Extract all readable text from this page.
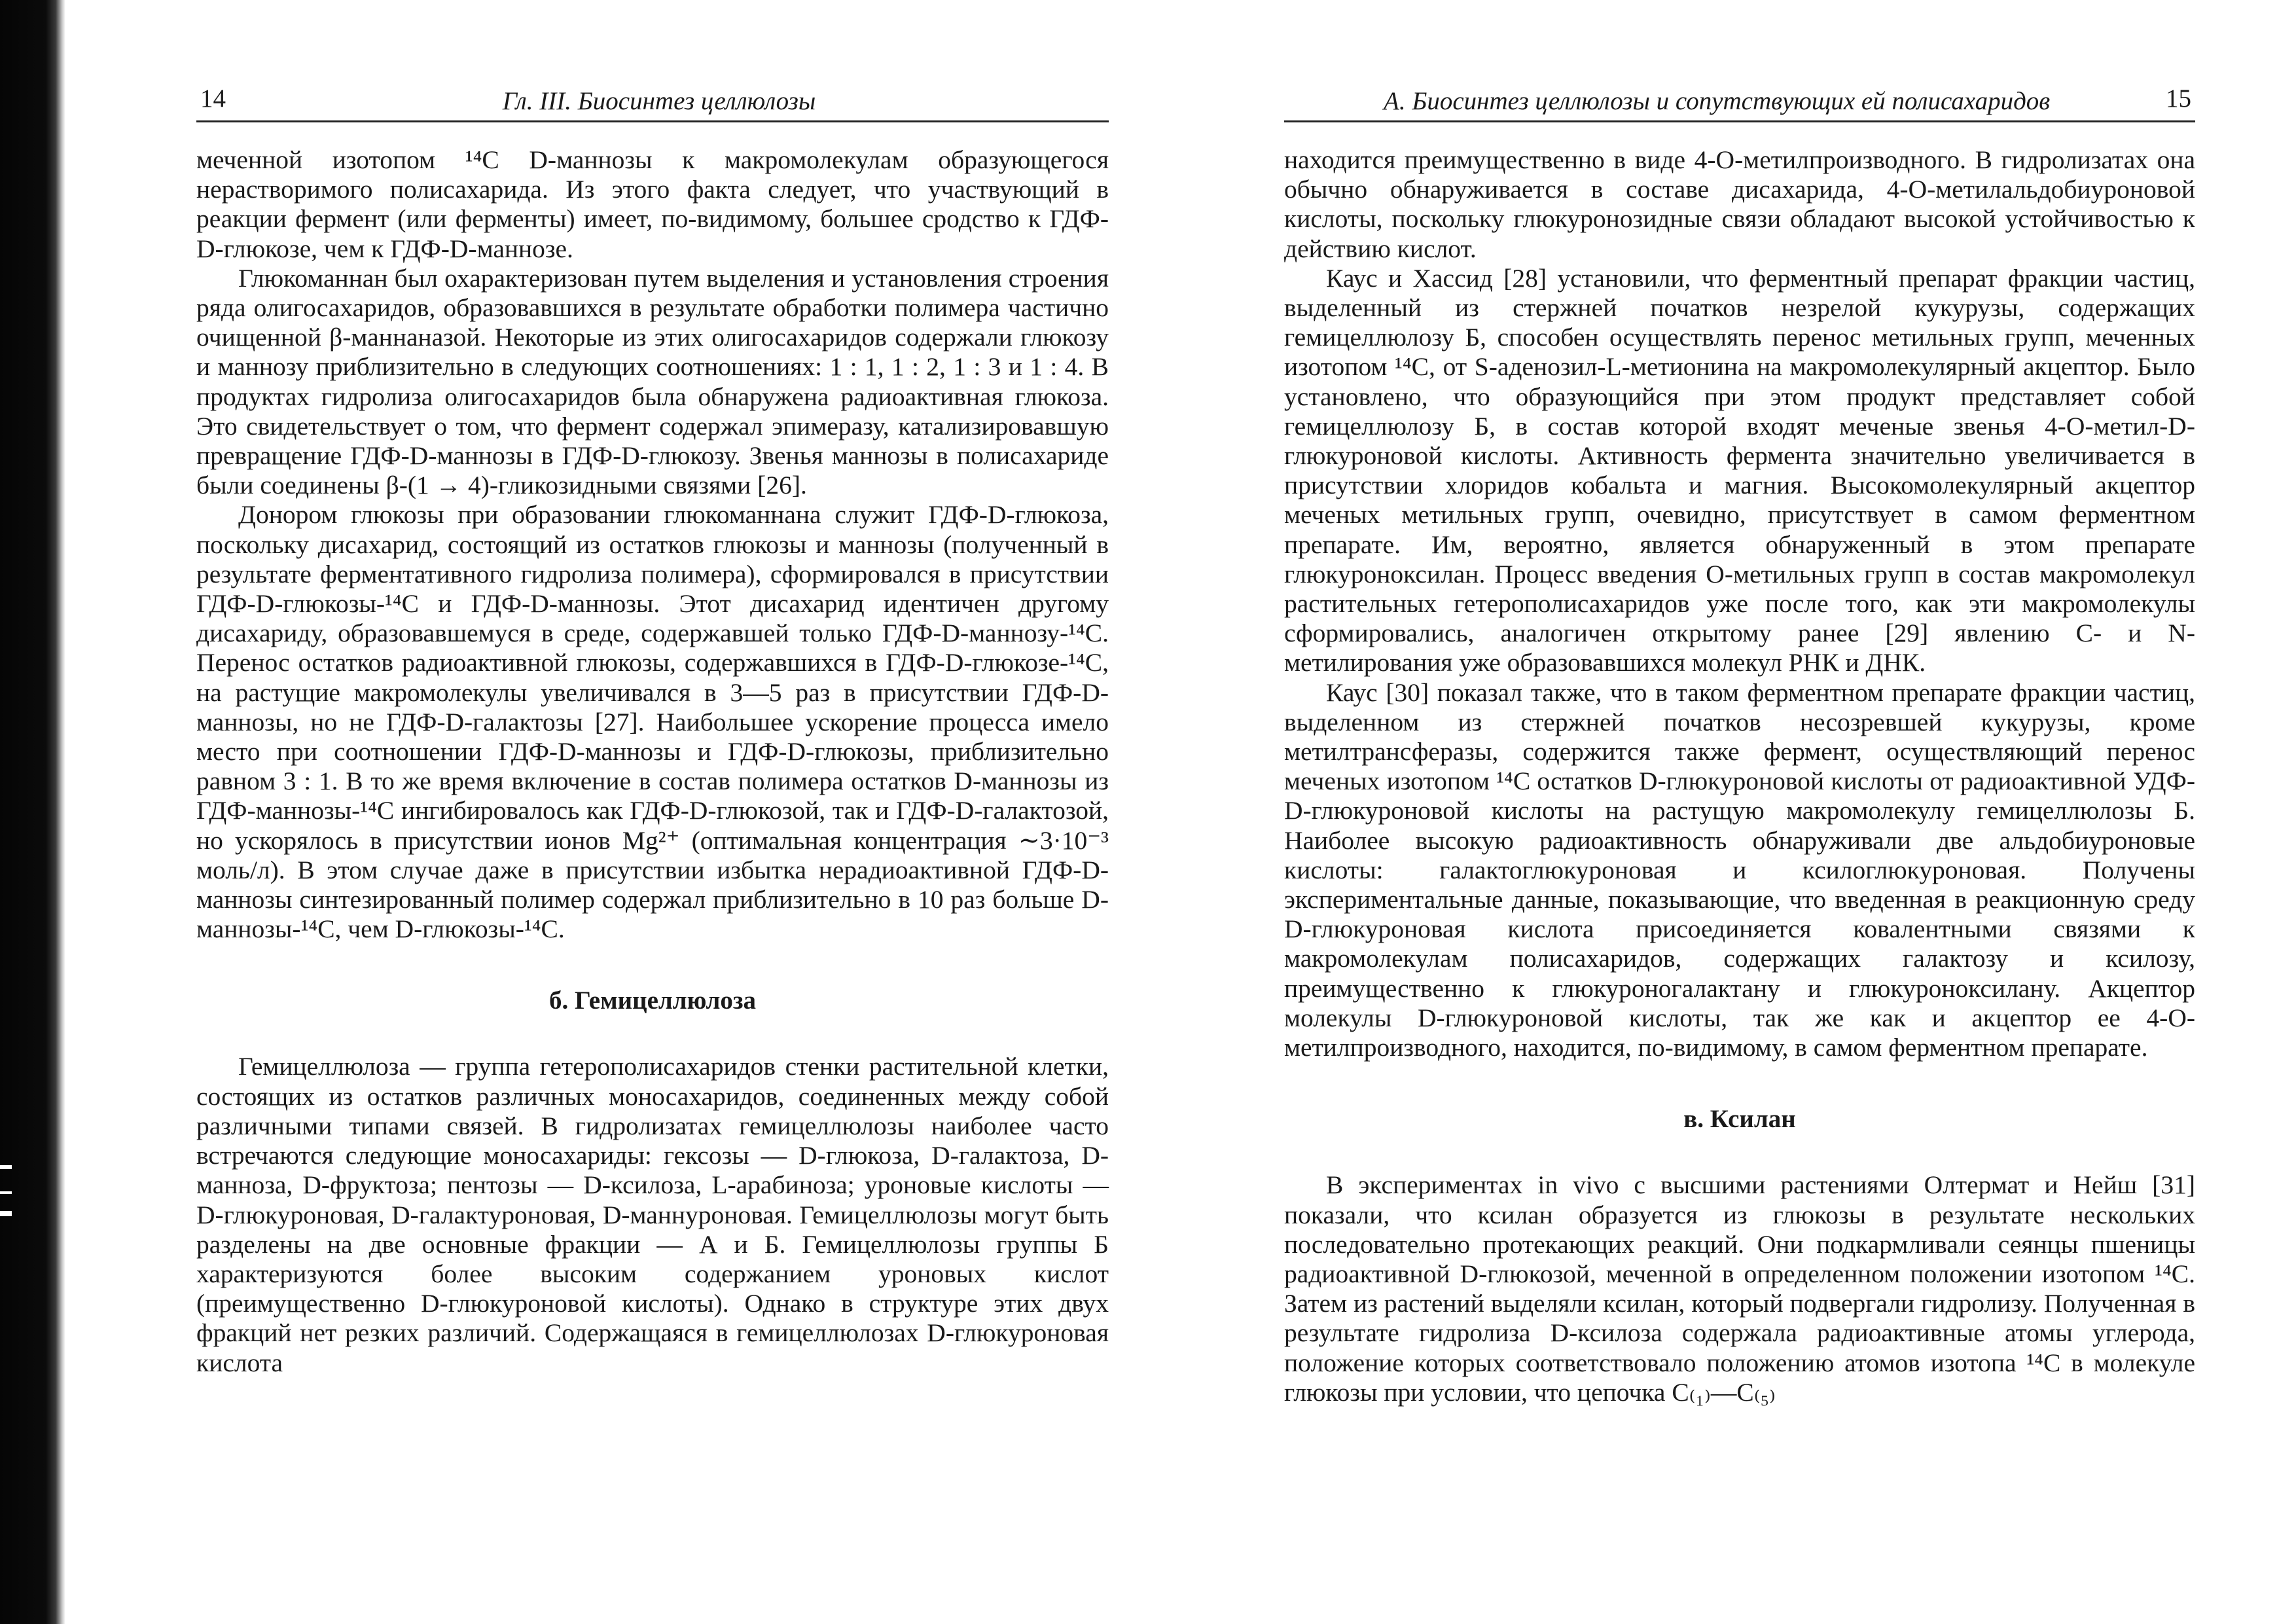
14	Гл. III. Биосинтез целлюлозы

меченной изотопом ¹⁴C D-маннозы к макромолекулам образующегося нерастворимого полисахарида. Из этого факта следует, что участвующий в реакции фермент (или ферменты) имеет, по-видимому, большее сродство к ГДФ-D-глюкозе, чем к ГДФ-D-маннозе.

Глюкоманнан был охарактеризован путем выделения и установления строения ряда олигосахаридов, образовавшихся в результате обработки полимера частично очищенной β-маннаназой. Некоторые из этих олигосахаридов содержали глюкозу и маннозу приблизительно в следующих соотношениях: 1 : 1, 1 : 2, 1 : 3 и 1 : 4. В продуктах гидролиза олигосахаридов была обнаружена радиоактивная глюкоза. Это свидетельствует о том, что фермент содержал эпимеразу, катализировавшую превращение ГДФ-D-маннозы в ГДФ-D-глюкозу. Звенья маннозы в полисахариде были соединены β-(1 → 4)-гликозидными связями [26].

Донором глюкозы при образовании глюкоманнана служит ГДФ-D-глюкоза, поскольку дисахарид, состоящий из остатков глюкозы и маннозы (полученный в результате ферментативного гидролиза полимера), сформировался в присутствии ГДФ-D-глюкозы-¹⁴C и ГДФ-D-маннозы. Этот дисахарид идентичен другому дисахариду, образовавшемуся в среде, содержавшей только ГДФ-D-маннозу-¹⁴C. Перенос остатков радиоактивной глюкозы, содержавшихся в ГДФ-D-глюкозе-¹⁴C, на растущие макромолекулы увеличивался в 3—5 раз в присутствии ГДФ-D-маннозы, но не ГДФ-D-галактозы [27]. Наибольшее ускорение процесса имело место при соотношении ГДФ-D-маннозы и ГДФ-D-глюкозы, приблизительно равном 3 : 1. В то же время включение в состав полимера остатков D-маннозы из ГДФ-маннозы-¹⁴C ингибировалось как ГДФ-D-глюкозой, так и ГДФ-D-галактозой, но ускорялось в присутствии ионов Mg²⁺ (оптимальная концентрация ∼3·10⁻³ моль/л). В этом случае даже в присутствии избытка нерадиоактивной ГДФ-D-маннозы синтезированный полимер содержал приблизительно в 10 раз больше D-маннозы-¹⁴C, чем D-глюкозы-¹⁴C.

б. Гемицеллюлоза

Гемицеллюлоза — группа гетерополисахаридов стенки растительной клетки, состоящих из остатков различных моносахаридов, соединенных между собой различными типами связей. В гидролизатах гемицеллюлозы наиболее часто встречаются следующие моносахариды: гексозы — D-глюкоза, D-галактоза, D-манноза, D-фруктоза; пентозы — D-ксилоза, L-арабиноза; уроновые кислоты — D-глюкуроновая, D-галактуроновая, D-маннуроновая. Гемицеллюлозы могут быть разделены на две основные фракции — А и Б. Гемицеллюлозы группы Б характеризуются более высоким содержанием уроновых кислот (преимущественно D-глюкуроновой кислоты). Однако в структуре этих двух фракций нет резких различий. Содержащаяся в гемицеллюлозах D-глюкуроновая кислота

А. Биосинтез целлюлозы и сопутствующих ей полисахаридов	15

находится преимущественно в виде 4-O-метилпроизводного. В гидролизатах она обычно обнаруживается в составе дисахарида, 4-O-метилальдобиуроновой кислоты, поскольку глюкуронозидные связи обладают высокой устойчивостью к действию кислот.

Каус и Хассид [28] установили, что ферментный препарат фракции частиц, выделенный из стержней початков незрелой кукурузы, содержащих гемицеллюлозу Б, способен осуществлять перенос метильных групп, меченных изотопом ¹⁴C, от S-аденозил-L-метионина на макромолекулярный акцептор. Было установлено, что образующийся при этом продукт представляет собой гемицеллюлозу Б, в состав которой входят меченые звенья 4-O-метил-D-глюкуроновой кислоты. Активность фермента значительно увеличивается в присутствии хлоридов кобальта и магния. Высокомолекулярный акцептор меченых метильных групп, очевидно, присутствует в самом ферментном препарате. Им, вероятно, является обнаруженный в этом препарате глюкуроноксилан. Процесс введения O-метильных групп в состав макромолекул растительных гетерополисахаридов уже после того, как эти макромолекулы сформировались, аналогичен открытому ранее [29] явлению C- и N-метилирования уже образовавшихся молекул РНК и ДНК.

Каус [30] показал также, что в таком ферментном препарате фракции частиц, выделенном из стержней початков несозревшей кукурузы, кроме метилтрансферазы, содержится также фермент, осуществляющий перенос меченых изотопом ¹⁴C остатков D-глюкуроновой кислоты от радиоактивной УДФ-D-глюкуроновой кислоты на растущую макромолекулу гемицеллюлозы Б. Наиболее высокую радиоактивность обнаруживали две альдобиуроновые кислоты: галактоглюкуроновая и ксилоглюкуроновая. Получены экспериментальные данные, показывающие, что введенная в реакционную среду D-глюкуроновая кислота присоединяется ковалентными связями к макромолекулам полисахаридов, содержащих галактозу и ксилозу, преимущественно к глюкуроногалактану и глюкуроноксилану. Акцептор молекулы D-глюкуроновой кислоты, так же как и акцептор ее 4-O-метилпроизводного, находится, по-видимому, в самом ферментном препарате.

в. Ксилан

В экспериментах in vivo с высшими растениями Олтермат и Нейш [31] показали, что ксилан образуется из глюкозы в результате нескольких последовательно протекающих реакций. Они подкармливали сеянцы пшеницы радиоактивной D-глюкозой, меченной в определенном положении изотопом ¹⁴C. Затем из растений выделяли ксилан, который подвергали гидролизу. Полученная в результате гидролиза D-ксилоза содержала радиоактивные атомы углерода, положение которых соответствовало положению атомов изотопа ¹⁴C в молекуле глюкозы при условии, что цепочка C₍₁₎—C₍₅₎
